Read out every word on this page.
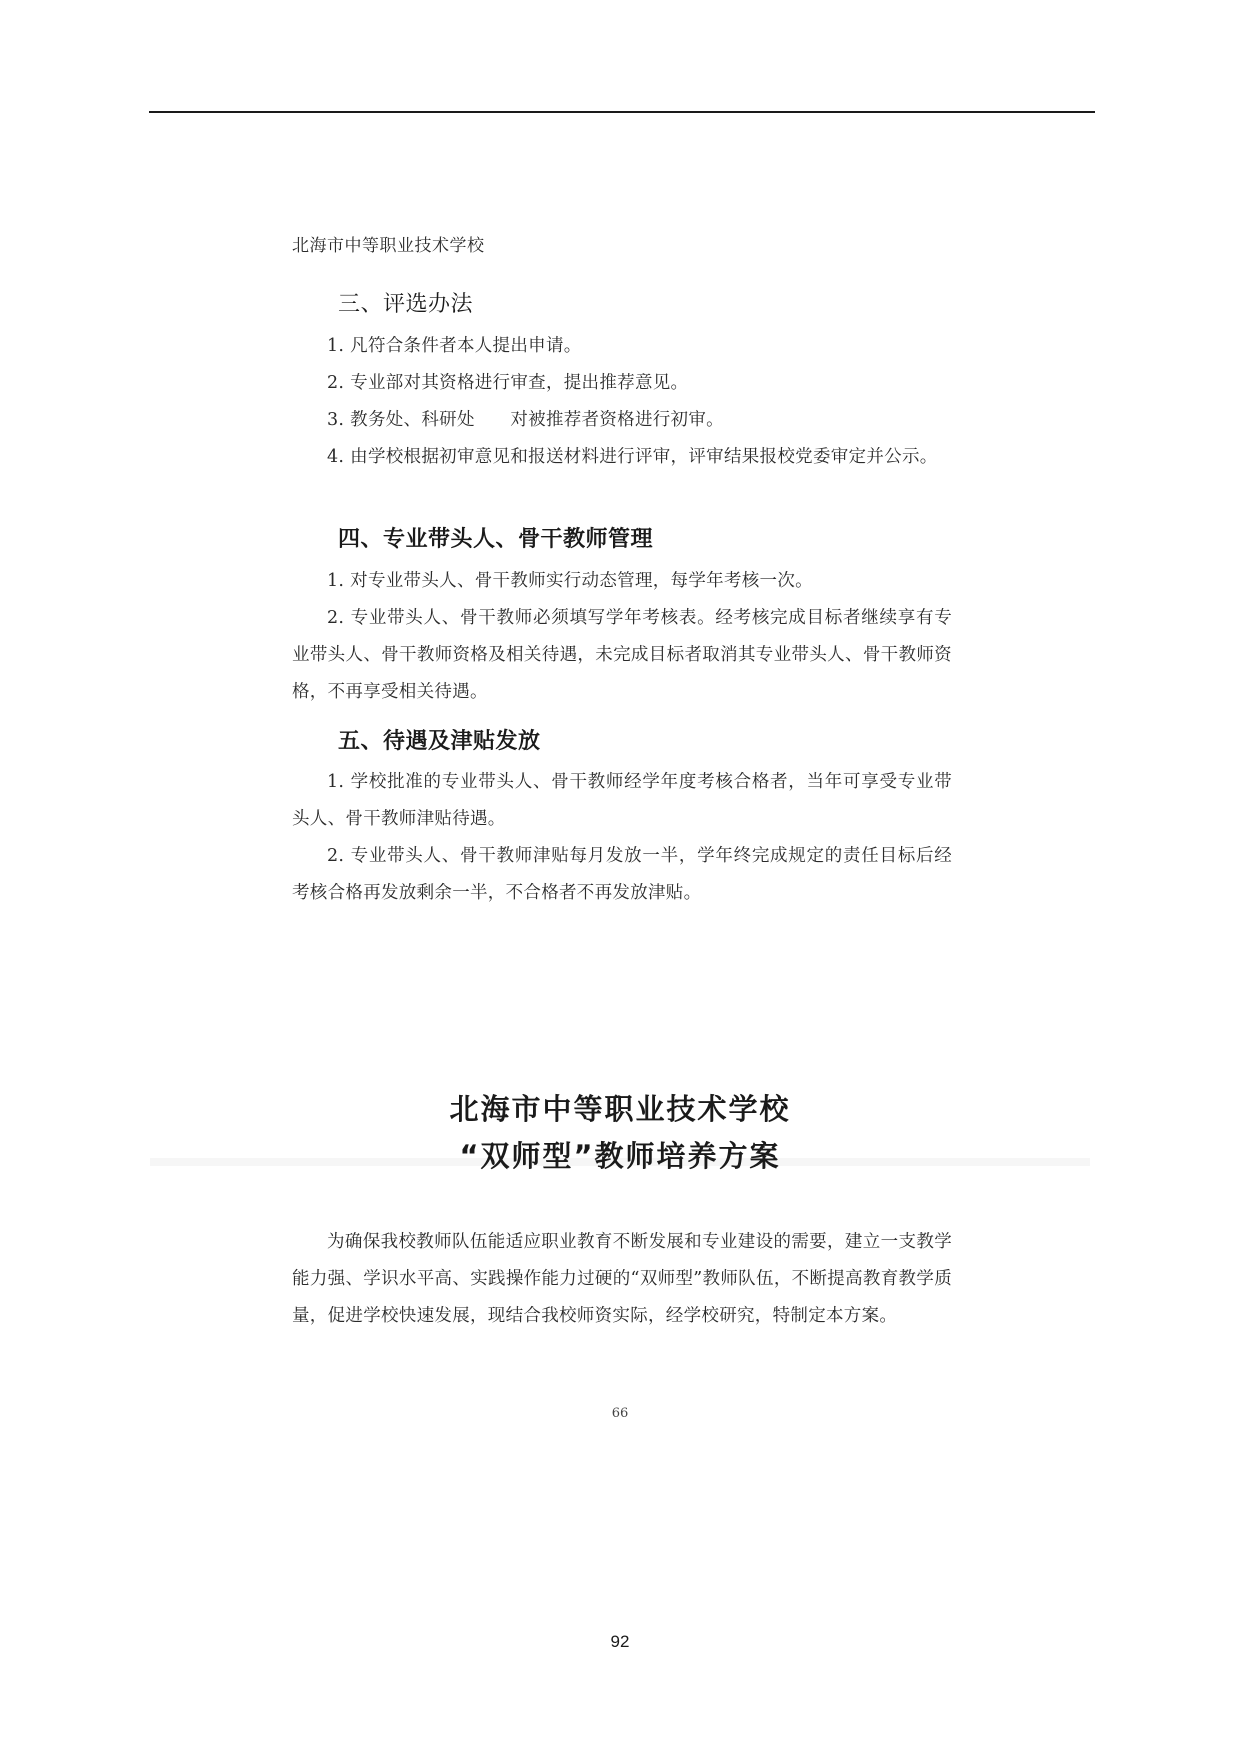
北海市中等职业技术学校
三、评选办法

1. 凡符合条件者本人提出申请。

2. 专业部对其资格进行审查，提出推荐意见。

3. 教务处、科研处　　对被推荐者资格进行初审。

4. 由学校根据初审意见和报送材料进行评审，评审结果报校党委审定并公示。

四、专业带头人、骨干教师管理

1. 对专业带头人、骨干教师实行动态管理，每学年考核一次。

2. 专业带头人、骨干教师必须填写学年考核表。经考核完成目标者继续享有专业带头人、骨干教师资格及相关待遇，未完成目标者取消其专业带头人、骨干教师资格，不再享受相关待遇。

五、待遇及津贴发放

1. 学校批准的专业带头人、骨干教师经学年度考核合格者，当年可享受专业带头人、骨干教师津贴待遇。

2. 专业带头人、骨干教师津贴每月发放一半，学年终完成规定的责任目标后经考核合格再发放剩余一半，不合格者不再发放津贴。

北海市中等职业技术学校
“双师型”教师培养方案

为确保我校教师队伍能适应职业教育不断发展和专业建设的需要，建立一支教学能力强、学识水平高、实践操作能力过硬的“双师型”教师队伍，不断提高教育教学质量，促进学校快速发展，现结合我校师资实际，经学校研究，特制定本方案。

66
92
